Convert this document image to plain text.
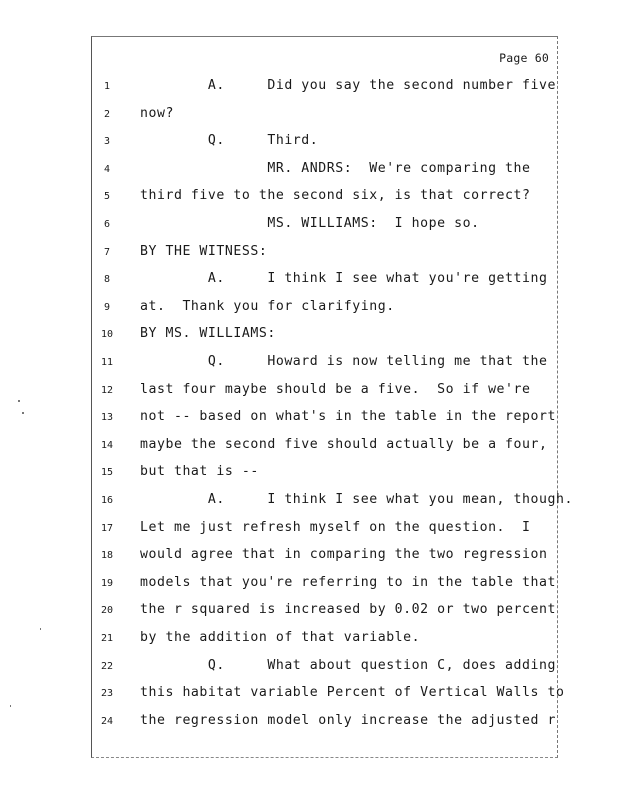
Page 60
1	A.     Did you say the second number five
2	now?
3	Q.     Third.
4	MR. ANDRS:  We're comparing the
5	third five to the second six, is that correct?
6	MS. WILLIAMS:  I hope so.
7	BY THE WITNESS:
8	A.     I think I see what you're getting
9	at.  Thank you for clarifying.
10	BY MS. WILLIAMS:
11	Q.     Howard is now telling me that the
12	last four maybe should be a five.  So if we're
13	not -- based on what's in the table in the report
14	maybe the second five should actually be a four,
15	but that is --
16	A.     I think I see what you mean, though.
17	Let me just refresh myself on the question.  I
18	would agree that in comparing the two regression
19	models that you're referring to in the table that
20	the r squared is increased by 0.02 or two percent
21	by the addition of that variable.
22	Q.     What about question C, does adding
23	this habitat variable Percent of Vertical Walls to
24	the regression model only increase the adjusted r
